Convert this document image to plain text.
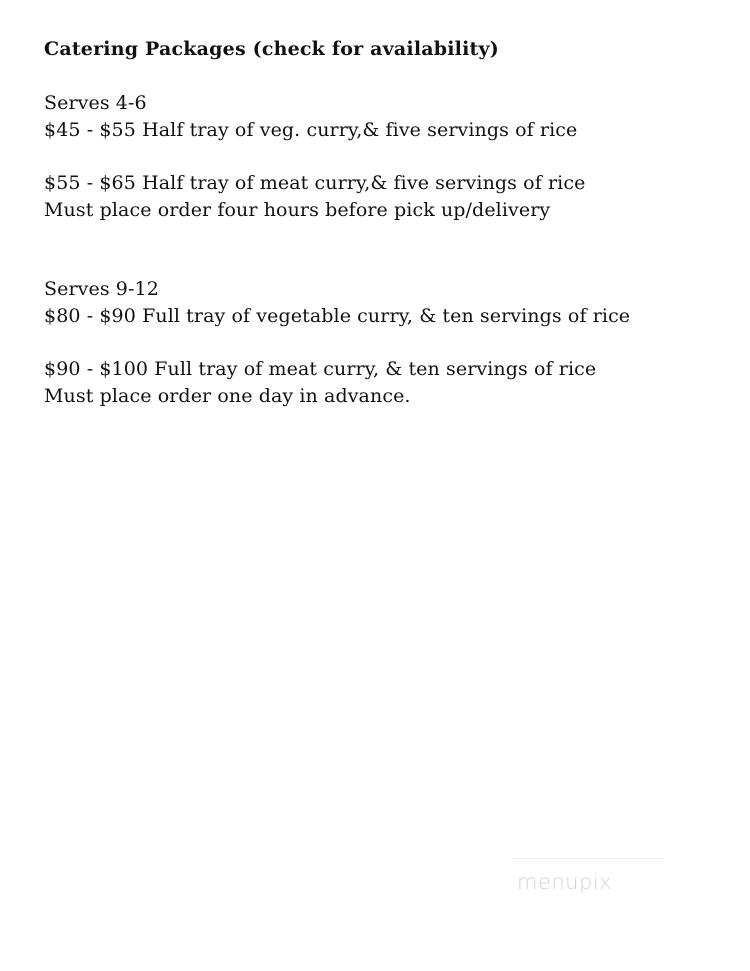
Catering Packages (check for availability)
Serves 4-6
$45 - $55 Half tray of veg. curry,& five servings of rice
$55 - $65 Half tray of meat curry,& five servings of rice
Must place order four hours before pick up/delivery
Serves 9-12
$80 - $90 Full tray of vegetable curry, & ten servings of rice
$90 - $100 Full tray of meat curry, & ten servings of rice
Must place order one day in advance.
menupix
